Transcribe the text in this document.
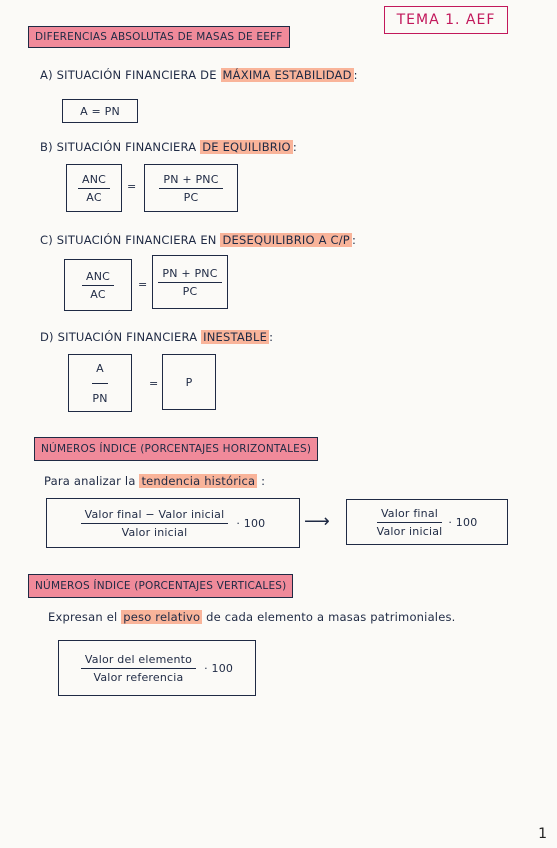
TEMA 1. AEF
DIFERENCIAS ABSOLUTAS DE MASAS DE EEFF
A) SITUACIÓN FINANCIERA DE MÁXIMA ESTABILIDAD :
A = PN
B) SITUACIÓN FINANCIERA DE EQUILIBRIO :
$\frac{\text{ANC}}{AC} = \frac{\text{PN + PNC}}{PC}$
C) SITUACIÓN FINANCIERA EN DESEQUILIBRIO A C/P :
$\frac{\text{ANC}}{AC} = \frac{\text{PN + PNC}}{PC}$
D) SITUACIÓN FINANCIERA INESTABLE :
$\frac{A}{PN}$	= P
NÚMEROS ÍNDICE (PORCENTAJES HORIZONTALES)
Para analizar la tendencia histórica :
$\frac{\text{Valor final − Valor inicial}}{\text{Valor inicial}} \cdot 100$ ⟶	$\frac{\text{Valor final}}{\text{Valor inicial}} \cdot 100$
NÚMEROS ÍNDICE (PORCENTAJES VERTICALES)
Expresan el peso relativo de cada elemento a masas patrimoniales.
$\frac{\text{Valor del elemento}}{\text{Valor referencia}} \cdot 100$
1
